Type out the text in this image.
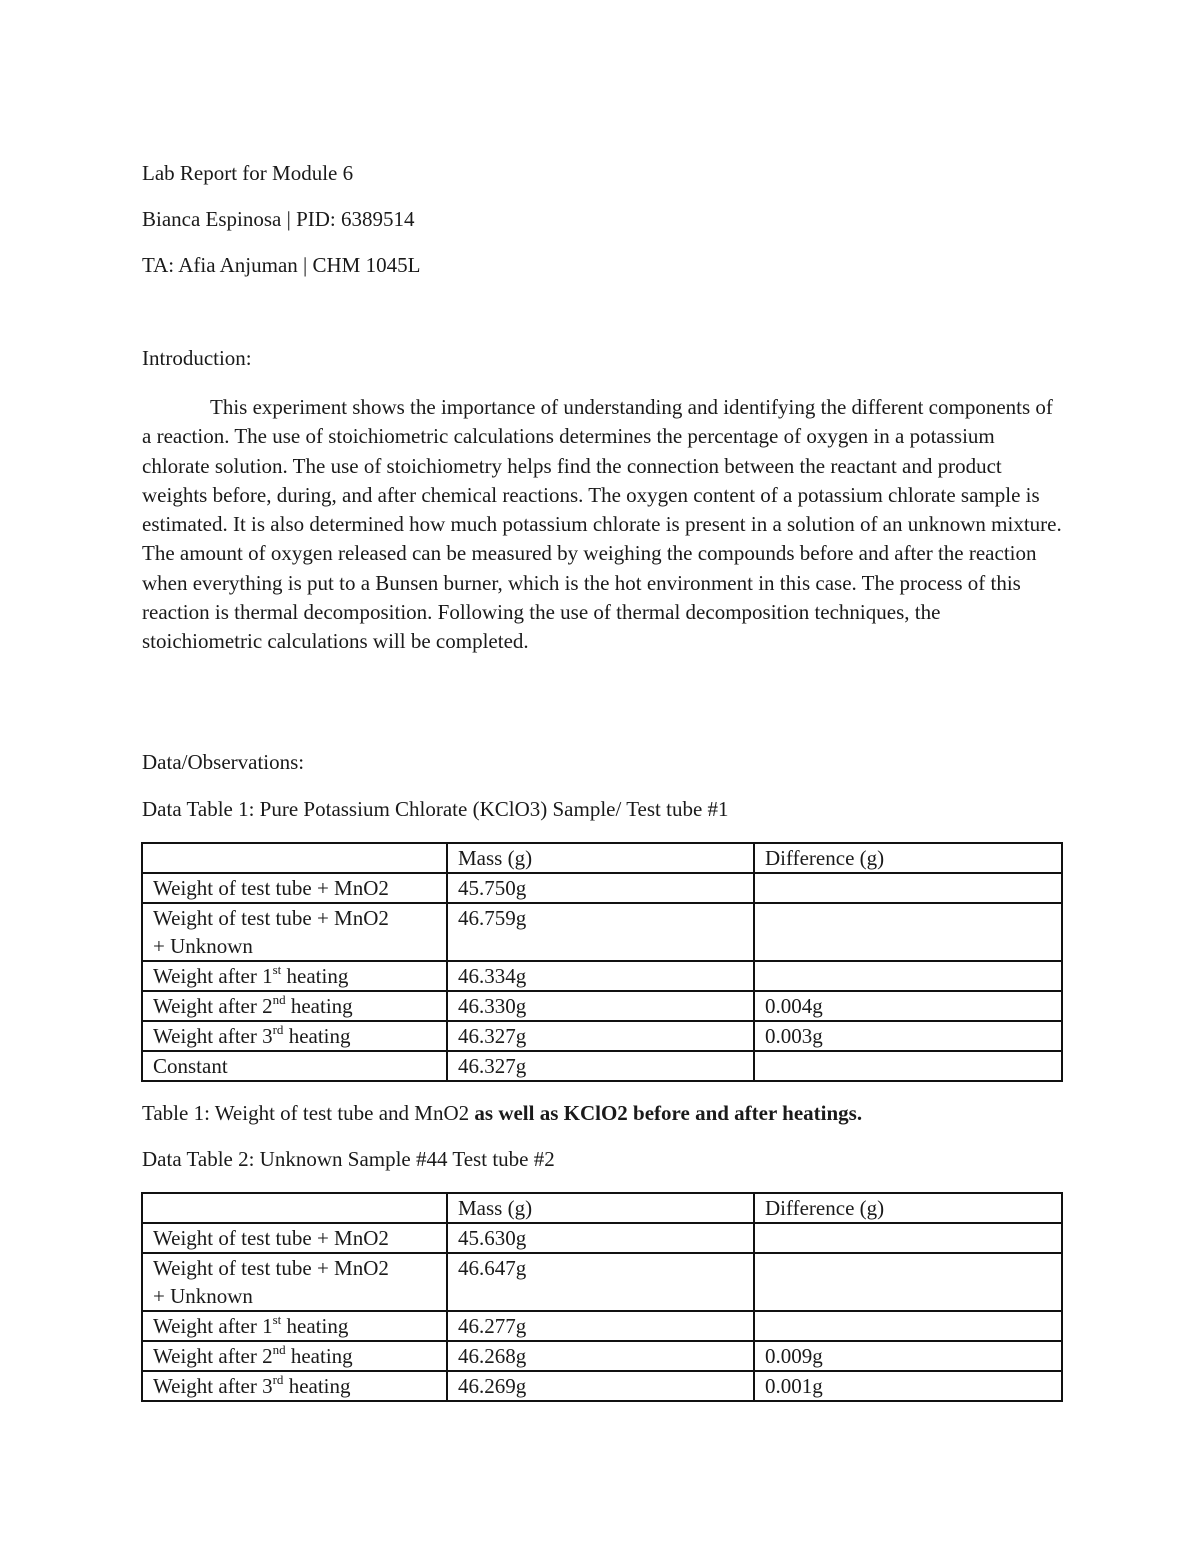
Lab Report for Module 6
Bianca Espinosa | PID: 6389514
TA: Afia Anjuman | CHM 1045L
Introduction:

This experiment shows the importance of understanding and identifying the different components of a reaction. The use of stoichiometric calculations determines the percentage of oxygen in a potassium chlorate solution. The use of stoichiometry helps find the connection between the reactant and product weights before, during, and after chemical reactions. The oxygen content of a potassium chlorate sample is estimated. It is also determined how much potassium chlorate is present in a solution of an unknown mixture. The amount of oxygen released can be measured by weighing the compounds before and after the reaction when everything is put to a Bunsen burner, which is the hot environment in this case. The process of this reaction is thermal decomposition. Following the use of thermal decomposition techniques, the stoichiometric calculations will be completed.

Data/Observations:
Data Table 1: Pure Potassium Chlorate (KClO3) Sample/ Test tube #1
	Mass (g)	Difference (g)
Weight of test tube + MnO2	45.750g	
Weight of test tube + MnO2
+ Unknown	46.759g	
Weight after 1st heating	46.334g	
Weight after 2nd heating	46.330g	0.004g
Weight after 3rd heating	46.327g	0.003g
Constant	46.327g	
Table 1: Weight of test tube and MnO2 as well as KClO2 before and after heatings.
Data Table 2: Unknown Sample #44 Test tube #2
	Mass (g)	Difference (g)
Weight of test tube + MnO2	45.630g	
Weight of test tube + MnO2
+ Unknown	46.647g	
Weight after 1st heating	46.277g	
Weight after 2nd heating	46.268g	0.009g
Weight after 3rd heating	46.269g	0.001g
